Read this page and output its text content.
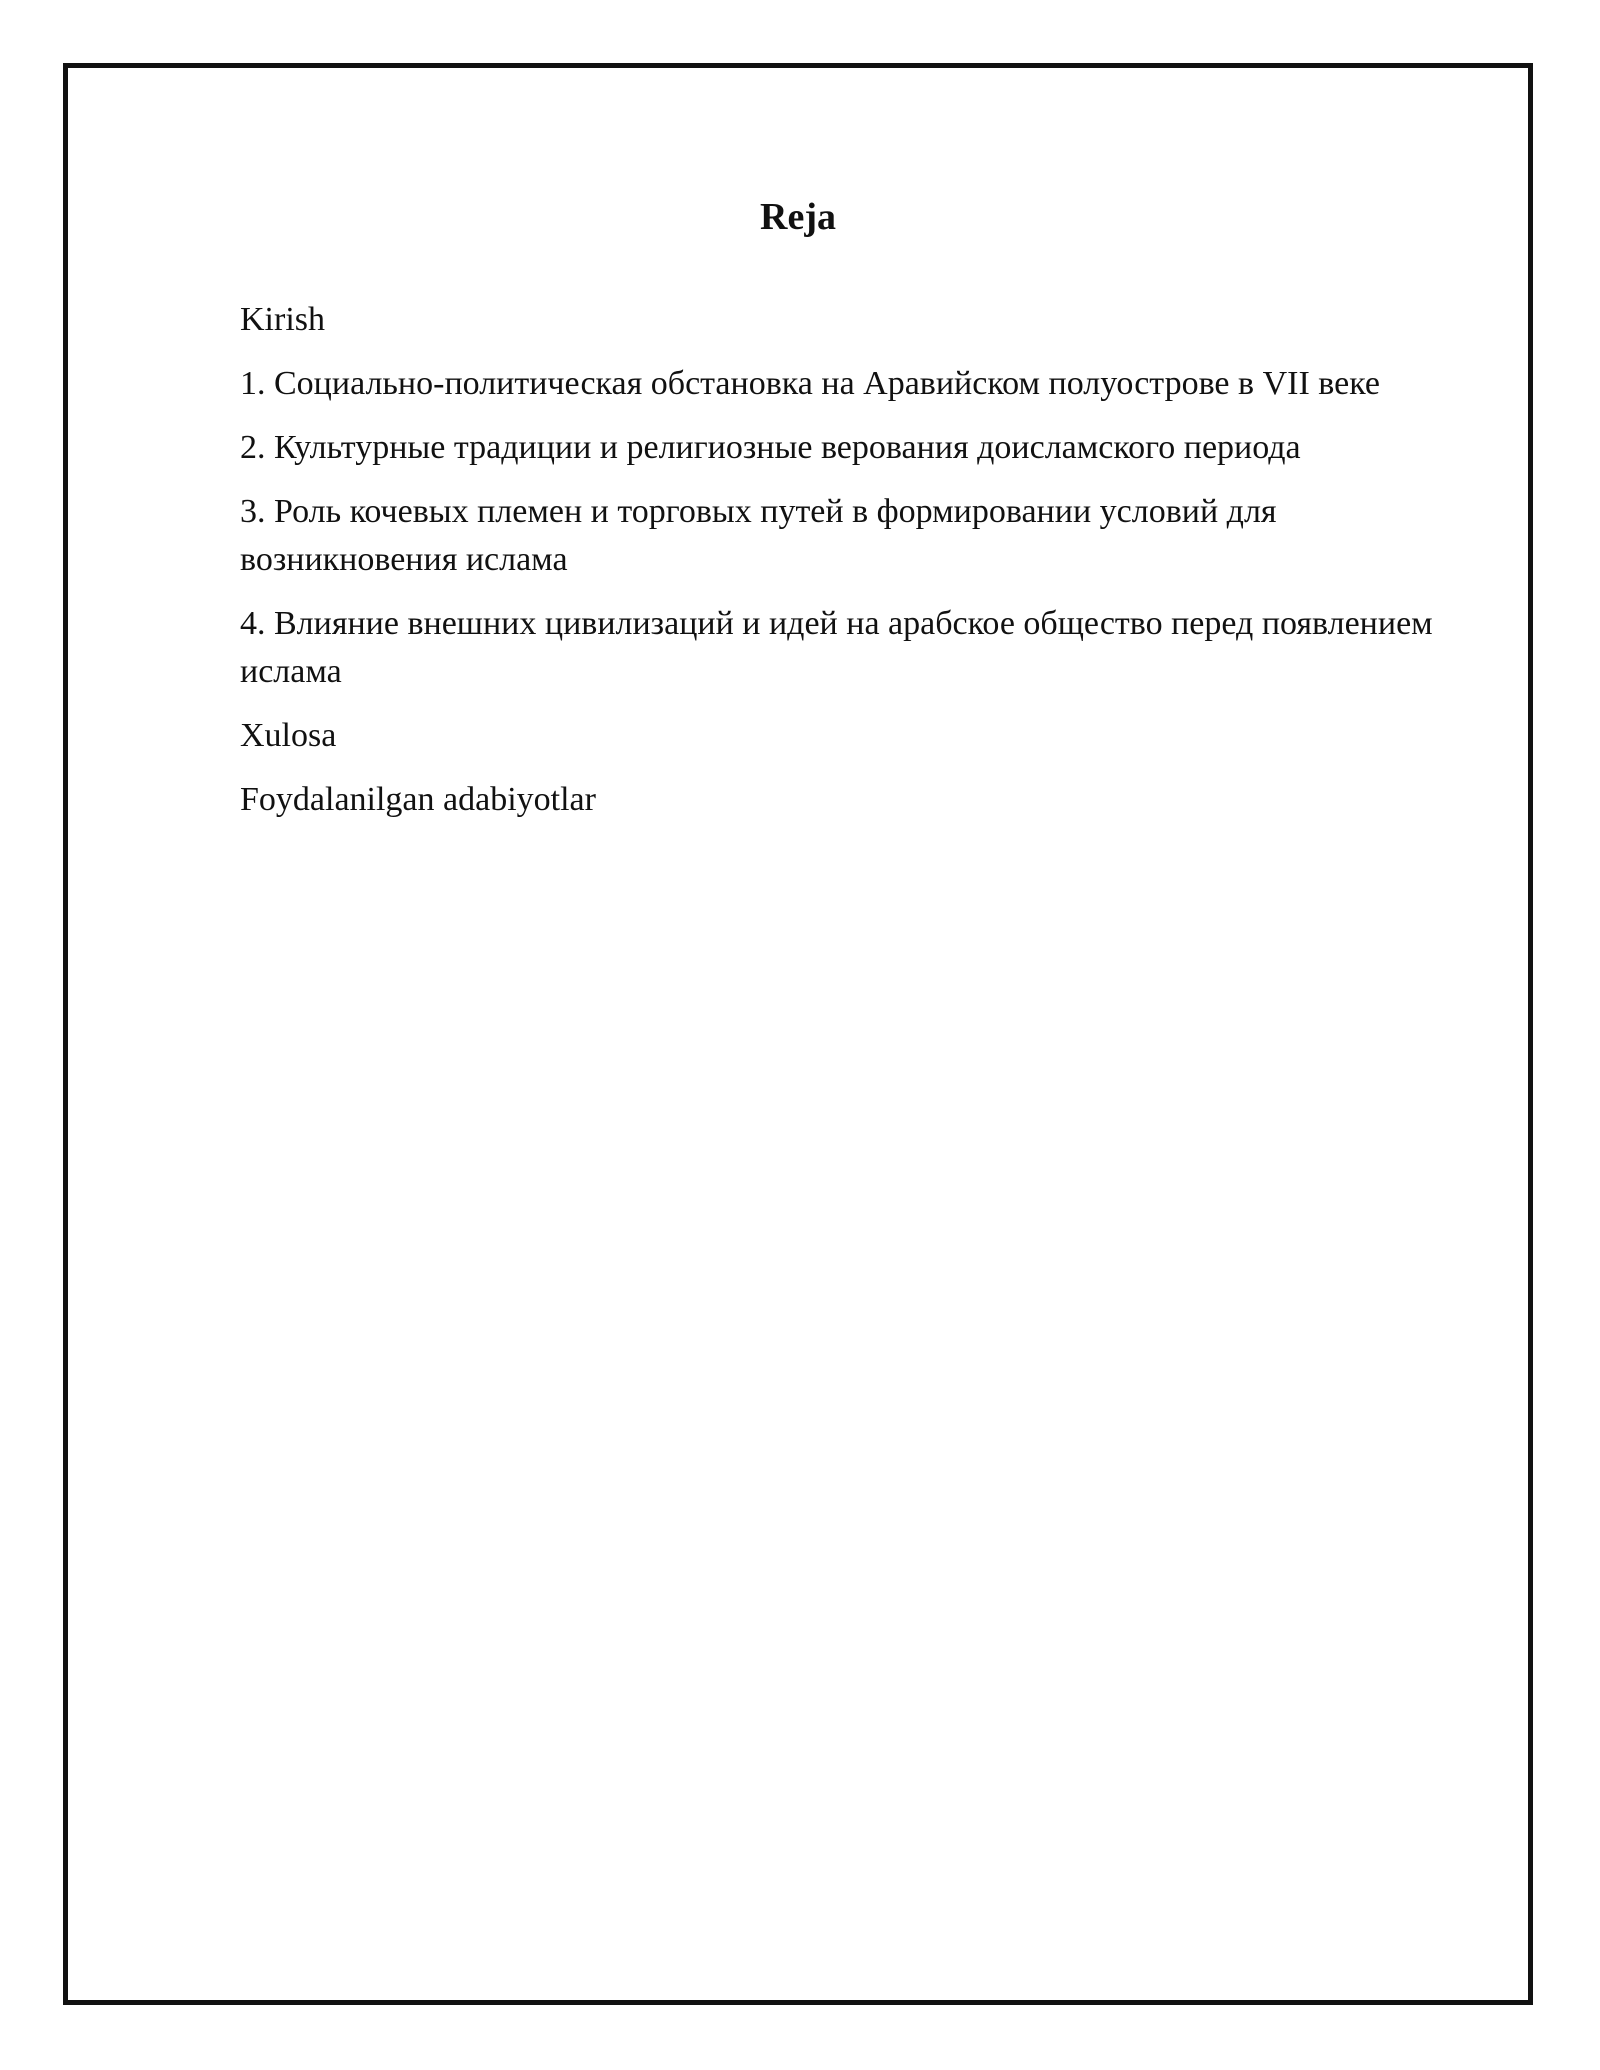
Reja
Kirish
1. Социально-политическая обстановка на Аравийском полуострове в VII веке
2. Культурные традиции и религиозные верования доисламского периода
3. Роль кочевых племен и торговых путей в формировании условий для возникновения ислама
4. Влияние внешних цивилизаций и идей на арабское общество перед появлением ислама
Xulosa
Foydalanilgan adabiyotlar
